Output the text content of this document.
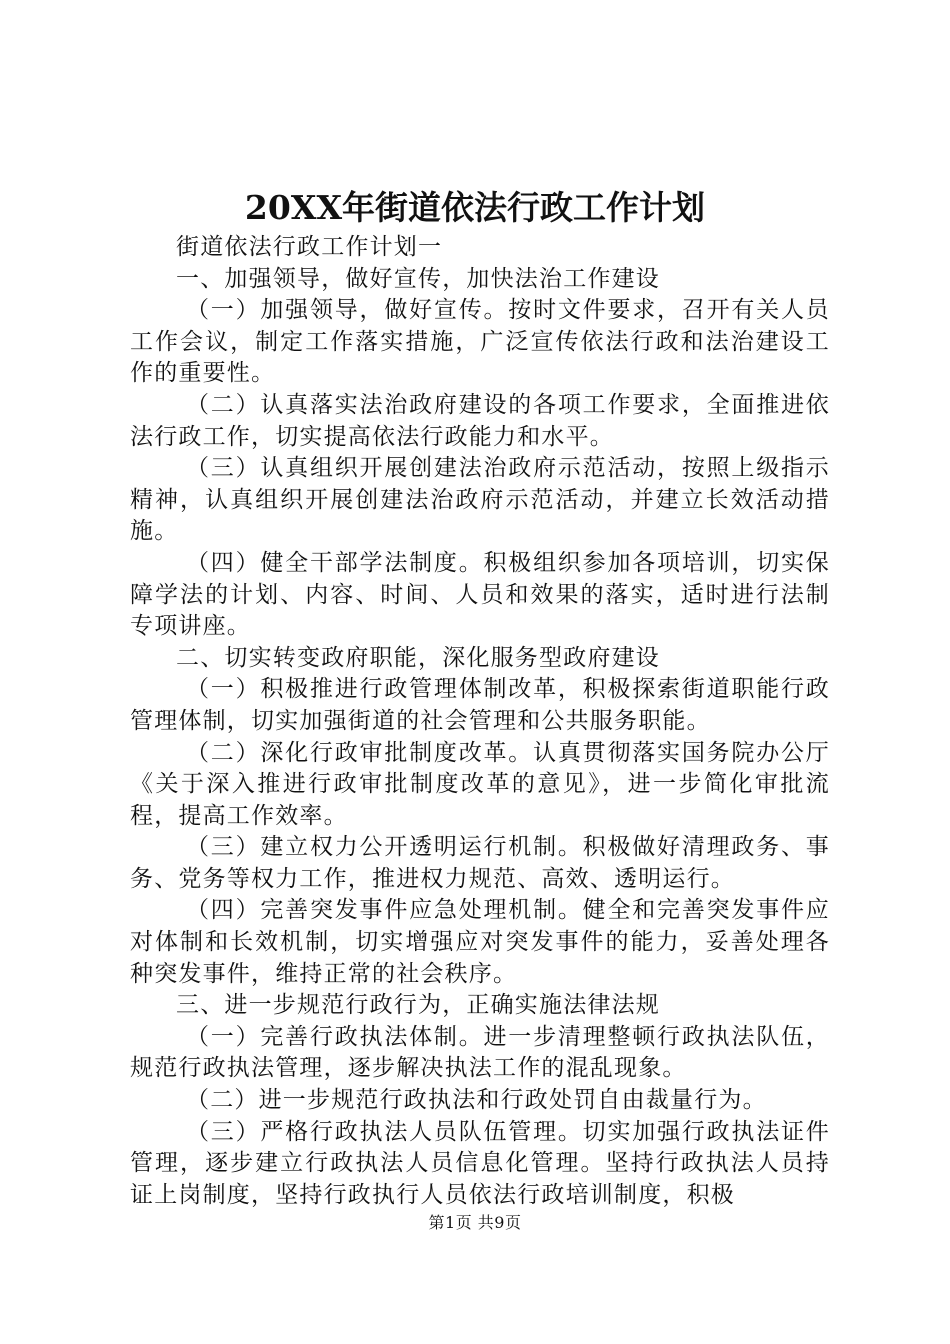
20XX年街道依法行政工作计划

街道依法行政工作计划一

一、加强领导，做好宣传，加快法治工作建设

（一）加强领导，做好宣传。按时文件要求，召开有关人员工作会议，制定工作落实措施，广泛宣传依法行政和法治建设工作的重要性。

（二）认真落实法治政府建设的各项工作要求，全面推进依法行政工作，切实提高依法行政能力和水平。

（三）认真组织开展创建法治政府示范活动，按照上级指示精神，认真组织开展创建法治政府示范活动，并建立长效活动措施。

（四）健全干部学法制度。积极组织参加各项培训，切实保障学法的计划、内容、时间、人员和效果的落实，适时进行法制专项讲座。

二、切实转变政府职能，深化服务型政府建设

（一）积极推进行政管理体制改革，积极探索街道职能行政管理体制，切实加强街道的社会管理和公共服务职能。

（二）深化行政审批制度改革。认真贯彻落实国务院办公厅《关于深入推进行政审批制度改革的意见》，进一步简化审批流程，提高工作效率。

（三）建立权力公开透明运行机制。积极做好清理政务、事务、党务等权力工作，推进权力规范、高效、透明运行。

（四）完善突发事件应急处理机制。健全和完善突发事件应对体制和长效机制，切实增强应对突发事件的能力，妥善处理各种突发事件，维持正常的社会秩序。

三、进一步规范行政行为，正确实施法律法规

（一）完善行政执法体制。进一步清理整顿行政执法队伍，规范行政执法管理，逐步解决执法工作的混乱现象。

（二）进一步规范行政执法和行政处罚自由裁量行为。

（三）严格行政执法人员队伍管理。切实加强行政执法证件管理，逐步建立行政执法人员信息化管理。坚持行政执法人员持证上岗制度，坚持行政执行人员依法行政培训制度，积极

第1页 共9页
